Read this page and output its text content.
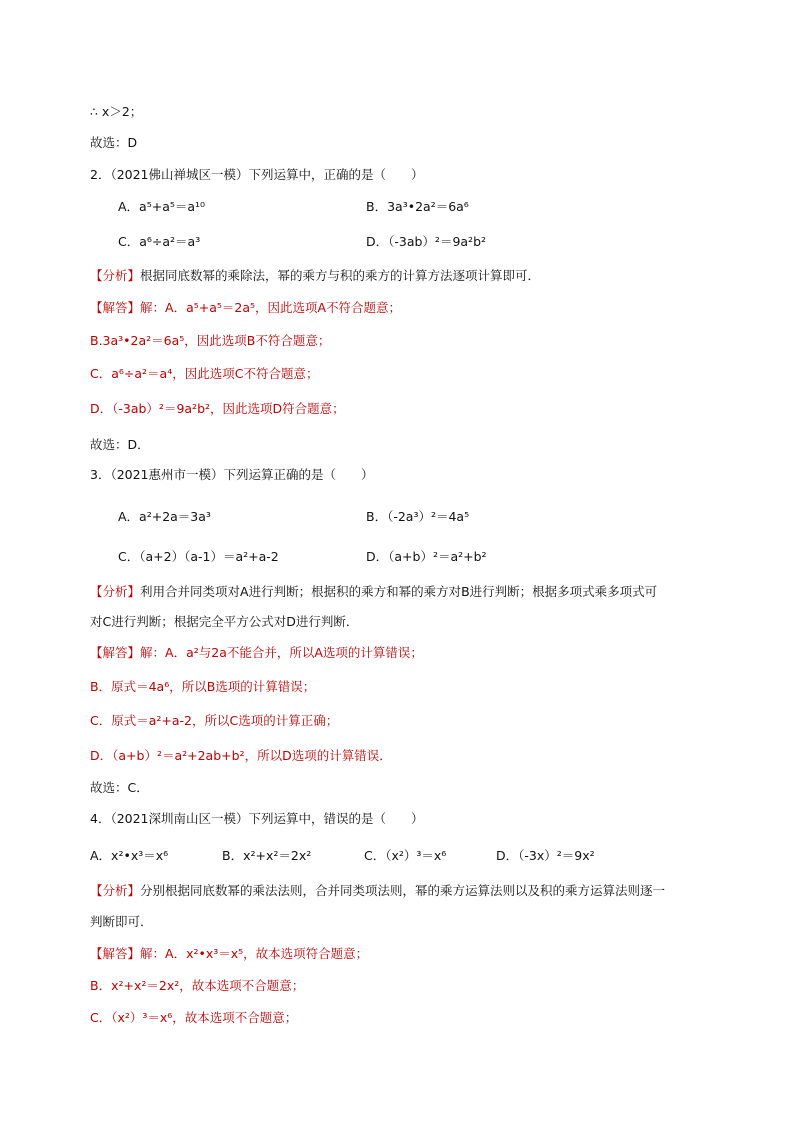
∴ x＞2；
故选：D
2．（2021佛山禅城区一模）下列运算中，正确的是（　　）
A．a⁵+a⁵＝a¹⁰	B．3a³•2a²＝6a⁶
C．a⁶÷a²＝a³	D．（-3ab）²＝9a²b²
【分析】根据同底数幂的乘除法，幂的乘方与积的乘方的计算方法逐项计算即可．
【解答】解：A．a⁵+a⁵＝2a⁵，因此选项A不符合题意；
B.3a³•2a²＝6a⁵，因此选项B不符合题意；
C．a⁶÷a²＝a⁴，因此选项C不符合题意；
D．（-3ab）²＝9a²b²，因此选项D符合题意；
故选：D．
3．（2021惠州市一模）下列运算正确的是（　　）
A．a²+2a＝3a³	B．（-2a³）²＝4a⁵
C．（a+2）（a-1）＝a²+a-2	D．（a+b）²＝a²+b²
【分析】利用合并同类项对A进行判断；根据积的乘方和幂的乘方对B进行判断；根据多项式乘多项式可
对C进行判断；根据完全平方公式对D进行判断．
【解答】解：A．a²与2a不能合并，所以A选项的计算错误；
B．原式＝4a⁶，所以B选项的计算错误；
C．原式＝a²+a-2，所以C选项的计算正确；
D．（a+b）²＝a²+2ab+b²，所以D选项的计算错误．
故选：C．
4．（2021深圳南山区一模）下列运算中，错误的是（　　）
A．x²•x³＝x⁶	B．x²+x²＝2x²	C．（x²）³＝x⁶	D．（-3x）²＝9x²
【分析】分别根据同底数幂的乘法法则，合并同类项法则，幂的乘方运算法则以及积的乘方运算法则逐一
判断即可．
【解答】解：A．x²•x³＝x⁵，故本选项符合题意；
B．x²+x²＝2x²，故本选项不合题意；
C．（x²）³＝x⁶，故本选项不合题意；
